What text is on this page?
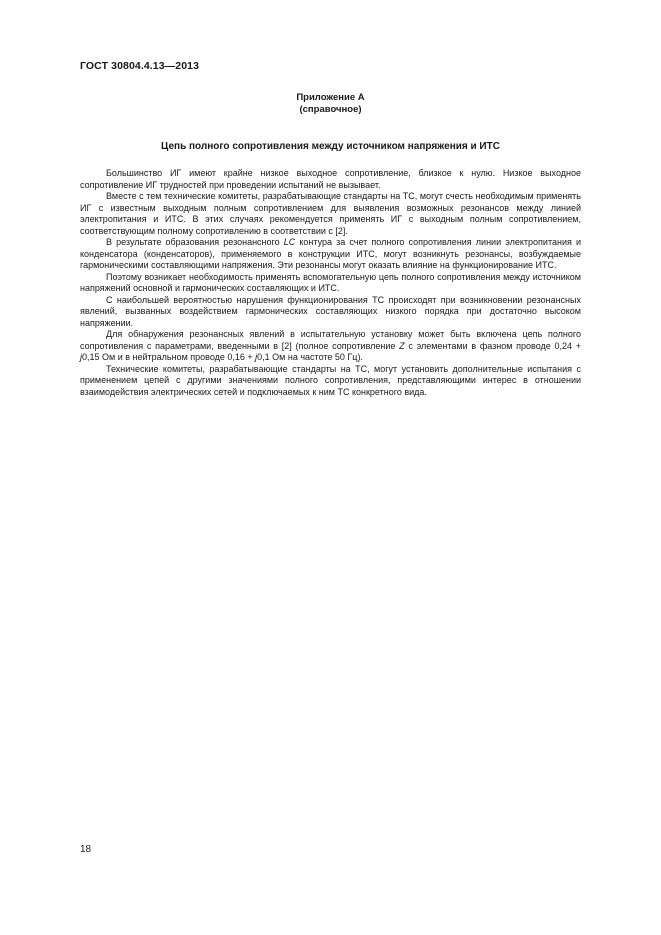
ГОСТ 30804.4.13—2013
Приложение А
(справочное)
Цепь полного сопротивления между источником напряжения и ИТС

Большинство ИГ имеют крайне низкое выходное сопротивление, близкое к нулю. Низкое выходное сопротивление ИГ трудностей при проведении испытаний не вызывает.

Вместе с тем технические комитеты, разрабатывающие стандарты на ТС, могут счесть необходимым применять ИГ с известным выходным полным сопротивлением для выявления возможных резонансов между линией электропитания и ИТС. В этих случаях рекомендуется применять ИГ с выходным полным сопротивлением, соответствующим полному сопротивлению в соответствии с [2].

В результате образования резонансного LC контура за счет полного сопротивления линии электропитания и конденсатора (конденсаторов), применяемого в конструкции ИТС, могут возникнуть резонансы, возбуждаемые гармоническими составляющими напряжения. Эти резонансы могут оказать влияние на функционирование ИТС.

Поэтому возникает необходимость применять вспомогательную цепь полного сопротивления между источником напряжений основной и гармонических составляющих и ИТС.

С наибольшей вероятностью нарушения функционирования ТС происходят при возникновении резонансных явлений, вызванных воздействием гармонических составляющих низкого порядка при достаточно высоком напряжении.

Для обнаружения резонансных явлений в испытательную установку может быть включена цепь полного сопротивления с параметрами, введенными в [2] (полное сопротивление Z с элементами в фазном проводе 0,24 + j0,15 Ом и в нейтральном проводе 0,16 + j0,1 Ом на частоте 50 Гц).

Технические комитеты, разрабатывающие стандарты на ТС, могут установить дополнительные испытания с применением цепей с другими значениями полного сопротивления, представляющими интерес в отношении взаимодействия электрических сетей и подключаемых к ним ТС конкретного вида.

18
